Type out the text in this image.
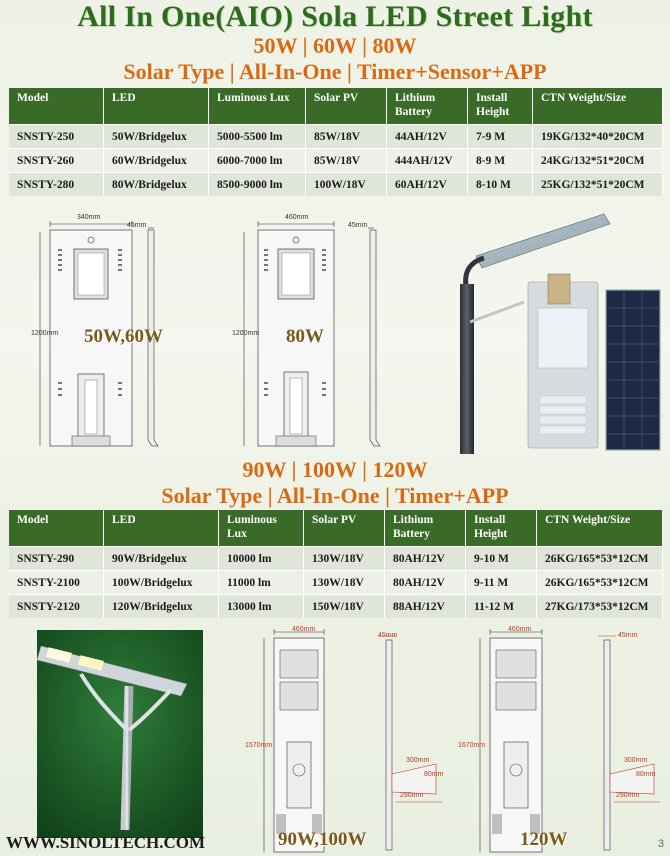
All In One(AIO) Sola LED Street Light
50W | 60W | 80W
Solar Type | All-In-One | Timer+Sensor+APP
Model	LED	Luminous Lux	Solar PV	Lithium Battery	Install Height	CTN Weight/Size
SNSTY-250	50W/Bridgelux	5000-5500 lm	85W/18V	44AH/12V	7-9 M	19KG/132*40*20CM
SNSTY-260	60W/Bridgelux	6000-7000 lm	85W/18V	444AH/12V	8-9 M	24KG/132*51*20CM
SNSTY-280	80W/Bridgelux	8500-9000 lm	100W/18V	60AH/12V	8-10 M	25KG/132*51*20CM
340mm
1200mm
45mm
50W,60W
460mm
1200mm
45mm
80W
90W | 100W | 120W
Solar Type | All-In-One | Timer+APP
Model	LED	Luminous Lux	Solar PV	Lithium Battery	Install Height	CTN Weight/Size
SNSTY-290	90W/Bridgelux	10000 lm	130W/18V	80AH/12V	9-10 M	26KG/165*53*12CM
SNSTY-2100	100W/Bridgelux	11000 lm	130W/18V	80AH/12V	9-11 M	26KG/165*53*12CM
SNSTY-2120	120W/Bridgelux	13000 lm	150W/18V	88AH/12V	11-12 M	27KG/173*53*12CM
460mm
1570mm
45mm
300mm
80mm
290mm
90W,100W
460mm
1670mm
45mm
300mm
80mm
290mm
120W
WWW.SINOLTECH.COM	3
